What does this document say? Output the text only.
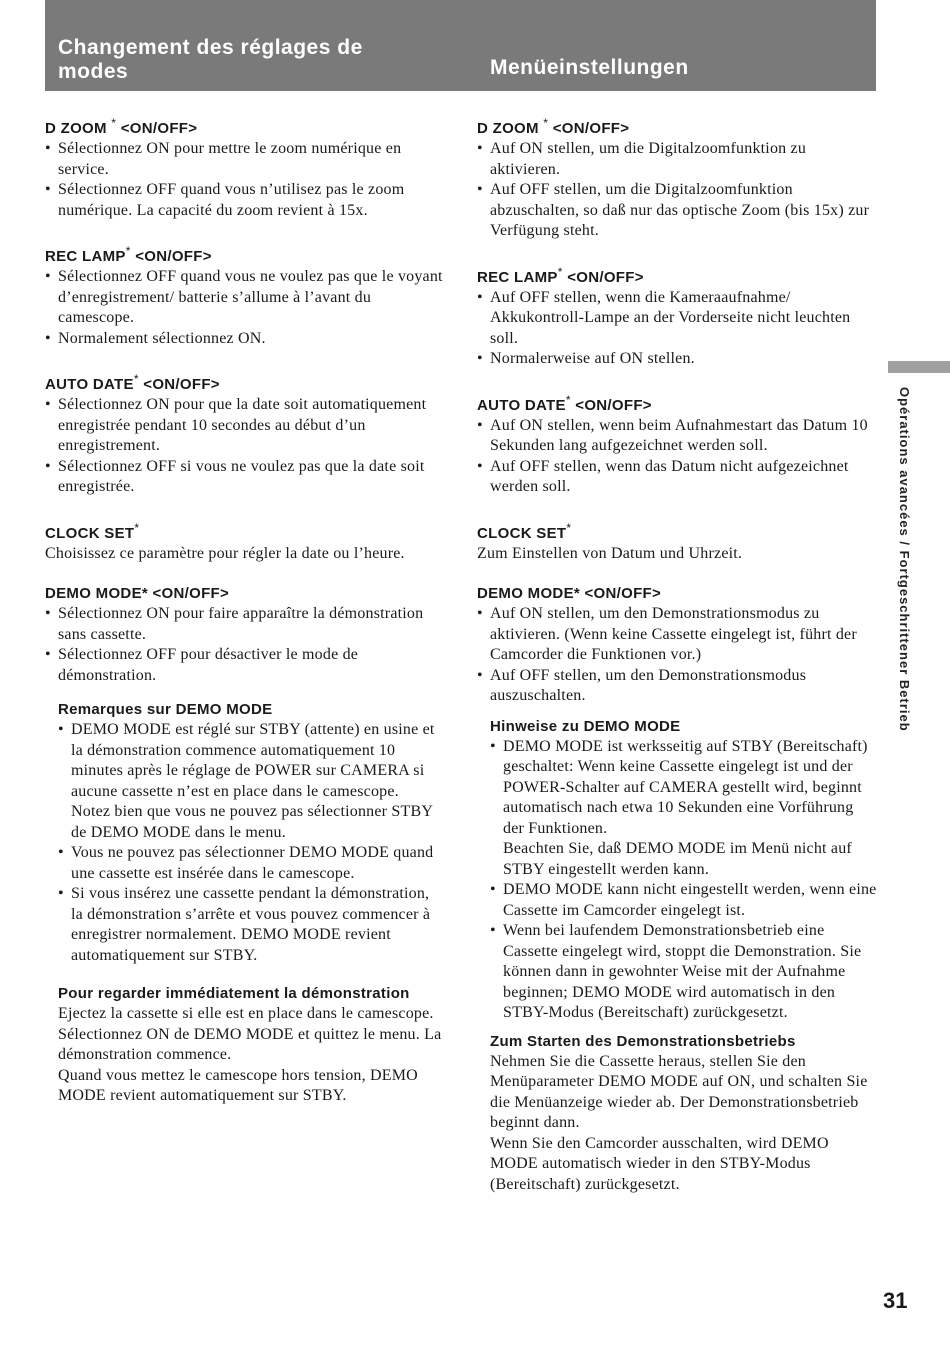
Changement des réglages de modes	Menüeinstellungen
D ZOOM * <ON/OFF>
• Sélectionnez ON pour mettre le zoom numérique en service.
• Sélectionnez OFF quand vous n’utilisez pas le zoom numérique. La capacité du zoom revient à 15x.
REC LAMP* <ON/OFF>
• Sélectionnez OFF quand vous ne voulez pas que le voyant d’enregistrement/ batterie s’allume à l’avant du camescope.
• Normalement sélectionnez ON.
AUTO DATE* <ON/OFF>
• Sélectionnez ON pour que la date soit automatiquement enregistrée pendant 10 secondes au début d’un enregistrement.
• Sélectionnez OFF si vous ne voulez pas que la date soit enregistrée.
CLOCK SET*
Choisissez ce paramètre pour régler la date ou l’heure.
DEMO MODE* <ON/OFF>
• Sélectionnez ON pour faire apparaître la démonstration sans cassette.
• Sélectionnez OFF pour désactiver le mode de démonstration.
Remarques sur DEMO MODE
• DEMO MODE est réglé sur STBY (attente) en usine et la démonstration commence automatiquement 10 minutes après le réglage de POWER sur CAMERA si aucune cassette n’est en place dans le camescope.
Notez bien que vous ne pouvez pas sélectionner STBY de DEMO MODE dans le menu.
• Vous ne pouvez pas sélectionner DEMO MODE quand une cassette est insérée dans le camescope.
• Si vous insérez une cassette pendant la démonstration, la démonstration s’arrête et vous pouvez commencer à enregistrer normalement. DEMO MODE revient automatiquement sur STBY.
Pour regarder immédiatement la démonstration
Ejectez la cassette si elle est en place dans le camescope. Sélectionnez ON de DEMO MODE et quittez le menu. La démonstration commence.
Quand vous mettez le camescope hors tension, DEMO MODE revient automatiquement sur STBY.
D ZOOM * <ON/OFF>
• Auf ON stellen, um die Digitalzoomfunktion zu aktivieren.
• Auf OFF stellen, um die Digitalzoomfunktion abzuschalten, so daß nur das optische Zoom (bis 15x) zur Verfügung steht.
REC LAMP* <ON/OFF>
• Auf OFF stellen, wenn die Kameraaufnahme/ Akkukontroll-Lampe an der Vorderseite nicht leuchten soll.
• Normalerweise auf ON stellen.
AUTO DATE* <ON/OFF>
• Auf ON stellen, wenn beim Aufnahmestart das Datum 10 Sekunden lang aufgezeichnet werden soll.
• Auf OFF stellen, wenn das Datum nicht aufgezeichnet werden soll.
CLOCK SET*
Zum Einstellen von Datum und Uhrzeit.
DEMO MODE* <ON/OFF>
• Auf ON stellen, um den Demonstrationsmodus zu aktivieren. (Wenn keine Cassette eingelegt ist, führt der Camcorder die Funktionen vor.)
• Auf OFF stellen, um den Demonstrationsmodus auszuschalten.
Hinweise zu DEMO MODE
• DEMO MODE ist werksseitig auf STBY (Bereitschaft) geschaltet: Wenn keine Cassette eingelegt ist und der POWER-Schalter auf CAMERA gestellt wird, beginnt automatisch nach etwa 10 Sekunden eine Vorführung der Funktionen.
Beachten Sie, daß DEMO MODE im Menü nicht auf STBY eingestellt werden kann.
• DEMO MODE kann nicht eingestellt werden, wenn eine Cassette im Camcorder eingelegt ist.
• Wenn bei laufendem Demonstrationsbetrieb eine Cassette eingelegt wird, stoppt die Demonstration. Sie können dann in gewohnter Weise mit der Aufnahme beginnen; DEMO MODE wird automatisch in den STBY-Modus (Bereitschaft) zurückgesetzt.
Zum Starten des Demonstrationsbetriebs
Nehmen Sie die Cassette heraus, stellen Sie den Menüparameter DEMO MODE auf ON, und schalten Sie die Menüanzeige wieder ab. Der Demonstrationsbetrieb beginnt dann.
Wenn Sie den Camcorder ausschalten, wird DEMO MODE automatisch wieder in den STBY-Modus (Bereitschaft) zurückgesetzt.
Opérations avancées / Fortgeschrittener Betrieb
31
